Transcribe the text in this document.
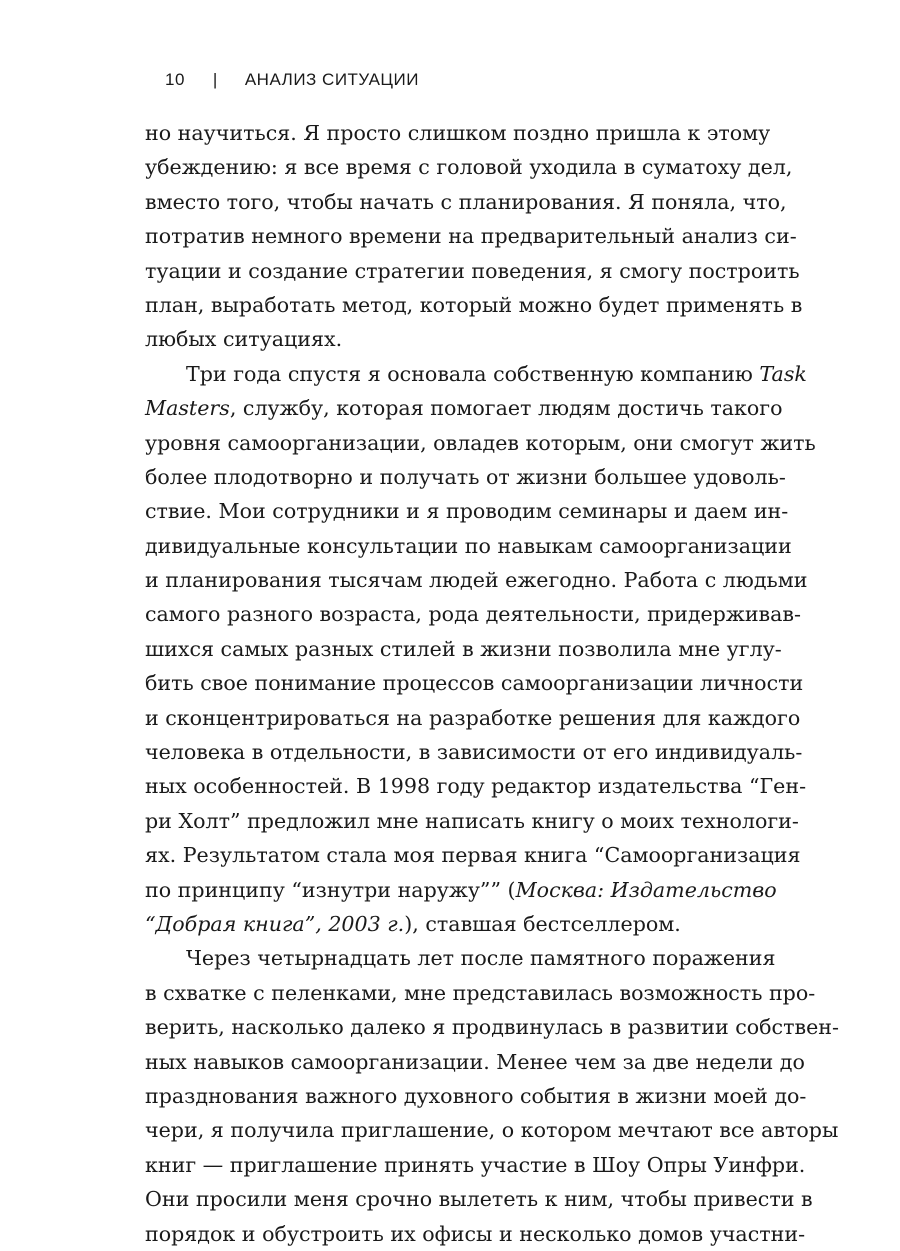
10 | АНАЛИЗ СИТУАЦИИ
но научиться. Я просто слишком поздно пришла к этому
убеждению: я все время с головой уходила в суматоху дел,
вместо того, чтобы начать с планирования. Я поняла, что,
потратив немного времени на предварительный анализ си-
туации и создание стратегии поведения, я смогу построить
план, выработать метод, который можно будет применять в
любых ситуациях.
Три года спустя я основала собственную компанию Task
Masters, службу, которая помогает людям достичь такого
уровня самоорганизации, овладев которым, они смогут жить
более плодотворно и получать от жизни большее удоволь-
ствие. Мои сотрудники и я проводим семинары и даем ин-
дивидуальные консультации по навыкам самоорганизации
и планирования тысячам людей ежегодно. Работа с людьми
самого разного возраста, рода деятельности, придерживав-
шихся самых разных стилей в жизни позволила мне углу-
бить свое понимание процессов самоорганизации личности
и сконцентрироваться на разработке решения для каждого
человека в отдельности, в зависимости от его индивидуаль-
ных особенностей. В 1998 году редактор издательства “Ген-
ри Холт” предложил мне написать книгу о моих технологи-
ях. Результатом стала моя первая книга “Самоорганизация
по принципу “изнутри наружу”” (Москва: Издательство
“Добрая книга”, 2003 г.), ставшая бестселлером.
Через четырнадцать лет после памятного поражения
в схватке с пеленками, мне представилась возможность про-
верить, насколько далеко я продвинулась в развитии собствен-
ных навыков самоорганизации. Менее чем за две недели до
празднования важного духовного события в жизни моей до-
чери, я получила приглашение, о котором мечтают все авторы
книг — приглашение принять участие в Шоу Опры Уинфри.
Они просили меня срочно вылететь к ним, чтобы привести в
порядок и обустроить их офисы и несколько домов участни-
